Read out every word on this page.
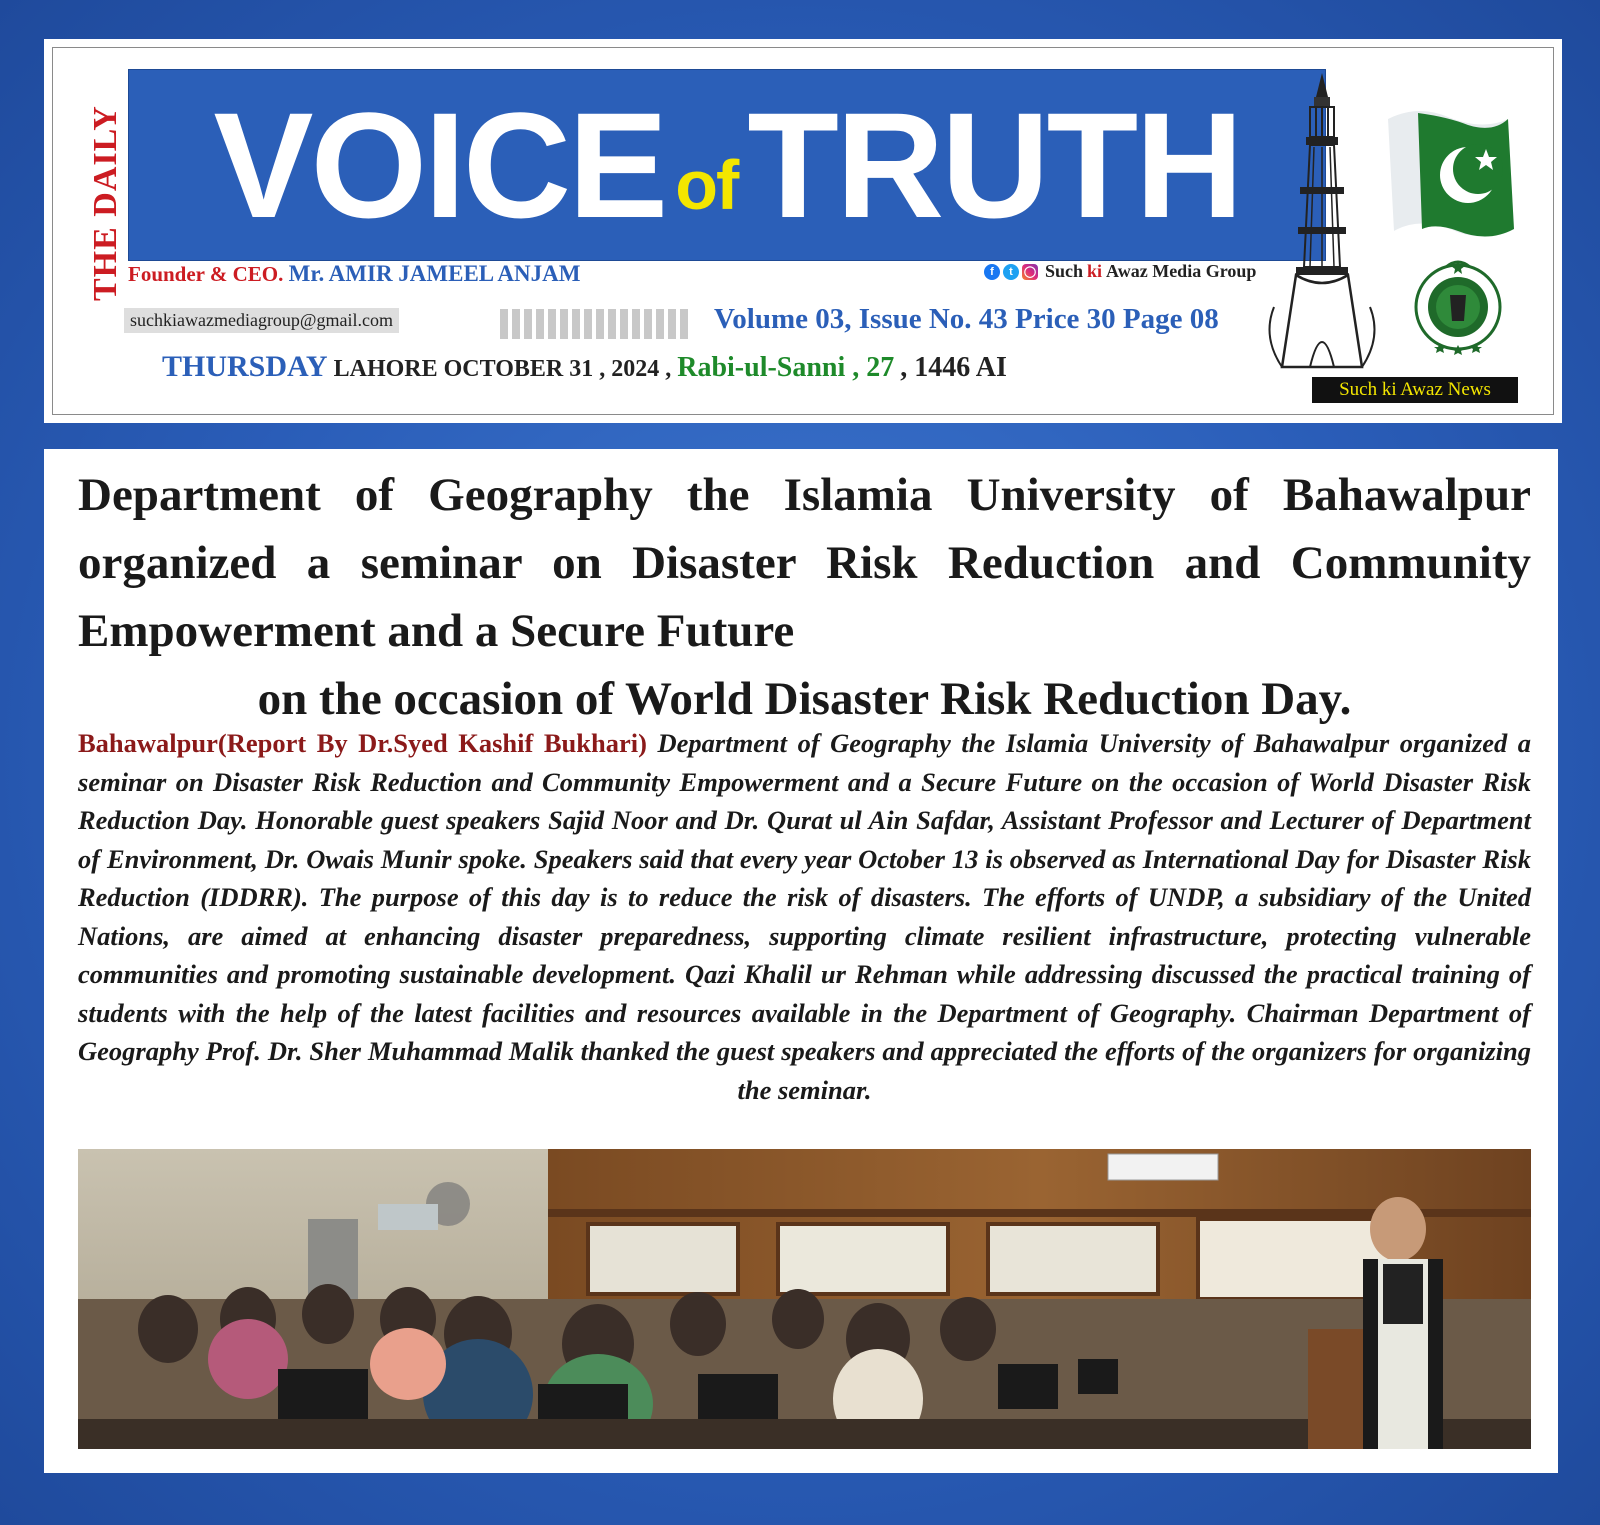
THE DAILY VOICE of TRUTH
Founder & CEO. Mr. AMIR JAMEEL ANJAM	f	t	◯ Such ki Awaz Media Group
suchkiawazmediagroup@gmail.com	Volume 03, Issue No. 43 Price 30 Page 08
THURSDAY LAHORE OCTOBER 31 , 2024 , Rabi-ul-Sanni , 27 , 1446 AI
Such ki Awaz News
Department of Geography the Islamia University of Bahawalpur organized a seminar on Disaster Risk Reduction and Community Empowerment and a Secure Future
on the occasion of World Disaster Risk Reduction Day.
Bahawalpur(Report By Dr.Syed Kashif Bukhari) Department of Geography the Islamia University of Bahawalpur organized a seminar on Disaster Risk Reduction and Community Empowerment and a Secure Future on the occasion of World Disaster Risk Reduction Day. Honorable guest speakers Sajid Noor and Dr. Qurat ul Ain Safdar, Assistant Professor and Lecturer of Department of Environment, Dr. Owais Munir spoke. Speakers said that every year October 13 is observed as International Day for Disaster Risk Reduction (IDDRR). The purpose of this day is to reduce the risk of disasters. The efforts of UNDP, a subsidiary of the United Nations, are aimed at enhancing disaster preparedness, supporting climate resilient infrastructure, protecting vulnerable communities and promoting sustainable development. Qazi Khalil ur Rehman while addressing discussed the practical training of students with the help of the latest facilities and resources available in the Department of Geography. Chairman Department of Geography Prof. Dr. Sher Muhammad Malik thanked the guest speakers and appreciated the efforts of the organizers for organizing the seminar.
